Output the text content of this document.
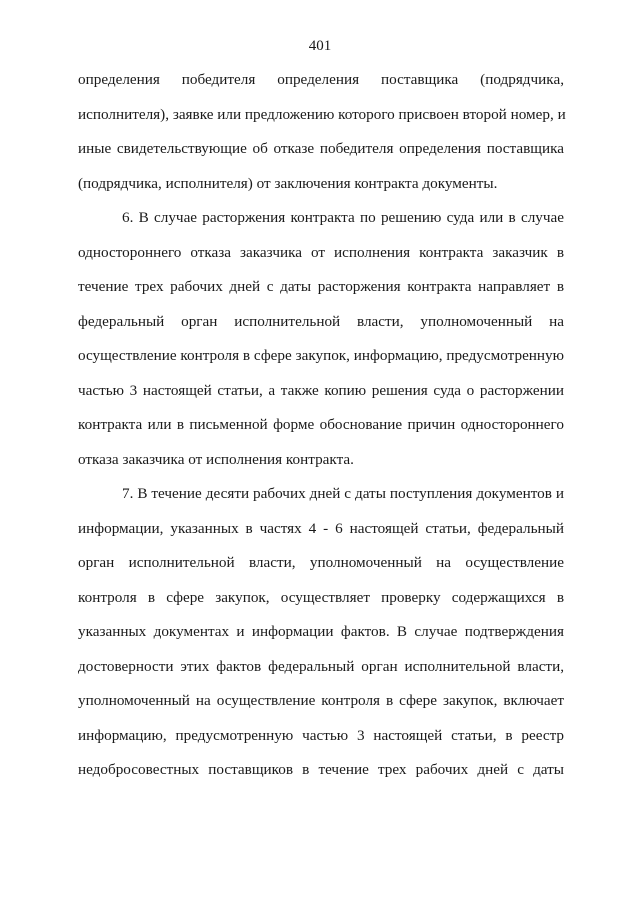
401

определения победителя определения поставщика (подрядчика,
исполнителя), заявке или предложению которого присвоен второй номер, и
иные свидетельствующие об отказе победителя определения поставщика
(подрядчика, исполнителя) от заключения контракта документы.

6. В случае расторжения контракта по решению суда или в случае
одностороннего отказа заказчика от исполнения контракта заказчик в
течение трех рабочих дней с даты расторжения контракта направляет в
федеральный орган исполнительной власти, уполномоченный на
осуществление контроля в сфере закупок, информацию, предусмотренную
частью 3 настоящей статьи, а также копию решения суда о расторжении
контракта или в письменной форме обоснование причин одностороннего
отказа заказчика от исполнения контракта.

7. В течение десяти рабочих дней с даты поступления документов и
информации, указанных в частях 4 - 6 настоящей статьи, федеральный
орган исполнительной власти, уполномоченный на осуществление
контроля в сфере закупок, осуществляет проверку содержащихся в
указанных документах и информации фактов. В случае подтверждения
достоверности этих фактов федеральный орган исполнительной власти,
уполномоченный на осуществление контроля в сфере закупок, включает
информацию, предусмотренную частью 3 настоящей статьи, в реестр
недобросовестных поставщиков в течение трех рабочих дней с даты
